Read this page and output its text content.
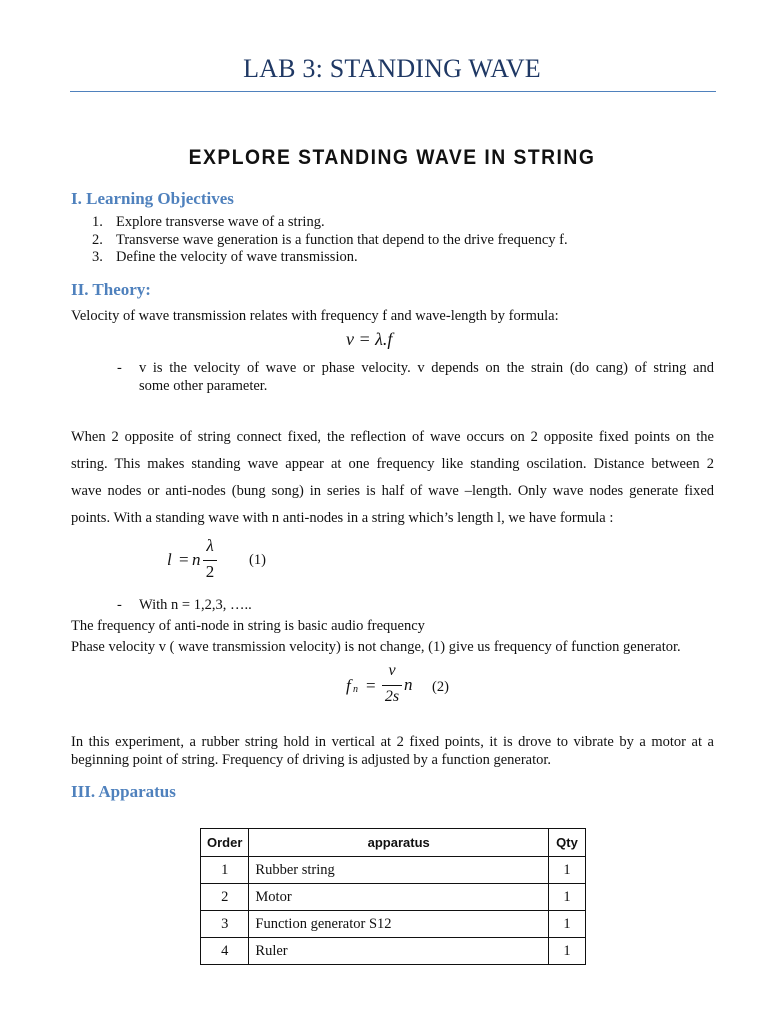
LAB 3: STANDING WAVE
EXPLORE STANDING WAVE IN STRING
I. Learning Objectives
1. Explore transverse wave of a string.
2. Transverse wave generation is a function that depend to the drive frequency f.
3. Define the velocity of wave transmission.
II. Theory:
Velocity of wave transmission relates with frequency f and wave-length by formula:
v = λ.f
- v is the velocity of wave or phase velocity. v depends on the strain (do cang) of string and
some other parameter.
When 2 opposite of string connect fixed, the reflection of wave occurs on 2 opposite fixed points on the
string. This makes standing wave appear at one frequency like standing oscilation. Distance between 2
wave nodes or anti-nodes (bung song) in series is half of wave –length. Only wave nodes generate fixed
points. With a standing wave with n anti-nodes in a string which’s length l, we have formula :
l = n
λ
2
(1)
- With n = 1,2,3, …..
The frequency of anti-node in string is basic audio frequency
Phase velocity v ( wave transmission velocity) is not change, (1) give us frequency of function generator.
f n =
v
2s
n (2)
In this experiment, a rubber string hold in vertical at 2 fixed points, it is drove to vibrate by a motor at a
beginning point of string. Frequency of driving is adjusted by a function generator.
III. Apparatus
Order	apparatus	Qty
1	Rubber string	1
2	Motor	1
3	Function generator S12	1
4	Ruler	1
